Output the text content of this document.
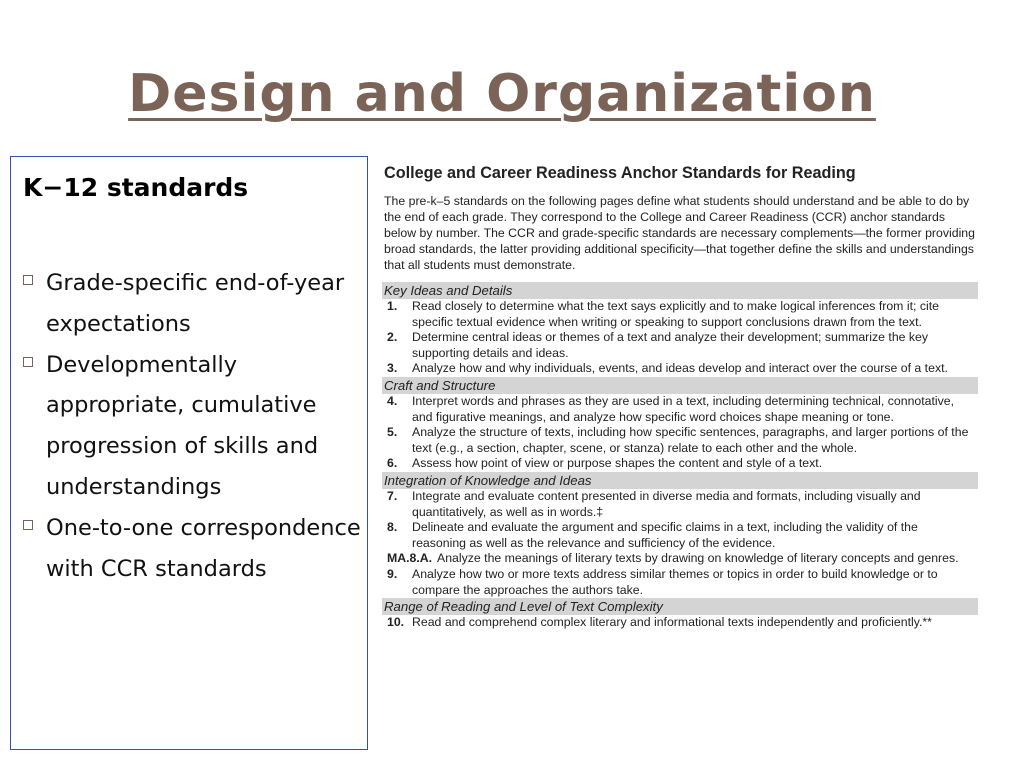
Design and Organization
K−12 standards
Grade-specific end-of-year expectations
Developmentally appropriate, cumulative progression of skills and understandings
One-to-one correspondence with CCR standards
College and Career Readiness Anchor Standards for Reading
The pre-k–5 standards on the following pages define what students should understand and be able to do by the end of each grade. They correspond to the College and Career Readiness (CCR) anchor standards below by number. The CCR and grade-specific standards are necessary complements—the former providing broad standards, the latter providing additional specificity—that together define the skills and understandings that all students must demonstrate.
Key Ideas and Details
1.	Read closely to determine what the text says explicitly and to make logical inferences from it; cite specific textual evidence when writing or speaking to support conclusions drawn from the text.
2.	Determine central ideas or themes of a text and analyze their development; summarize the key supporting details and ideas.
3.	Analyze how and why individuals, events, and ideas develop and interact over the course of a text.
Craft and Structure
4.	Interpret words and phrases as they are used in a text, including determining technical, connotative, and figurative meanings, and analyze how specific word choices shape meaning or tone.
5.	Analyze the structure of texts, including how specific sentences, paragraphs, and larger portions of the text (e.g., a section, chapter, scene, or stanza) relate to each other and the whole.
6.	Assess how point of view or purpose shapes the content and style of a text.
Integration of Knowledge and Ideas
7.	Integrate and evaluate content presented in diverse media and formats, including visually and quantitatively, as well as in words.‡
8.	Delineate and evaluate the argument and specific claims in a text, including the validity of the reasoning as well as the relevance and sufficiency of the evidence.
MA.8.A. Analyze the meanings of literary texts by drawing on knowledge of literary concepts and genres.
9.	Analyze how two or more texts address similar themes or topics in order to build knowledge or to compare the approaches the authors take.
Range of Reading and Level of Text Complexity
10. Read and comprehend complex literary and informational texts independently and proficiently.**
